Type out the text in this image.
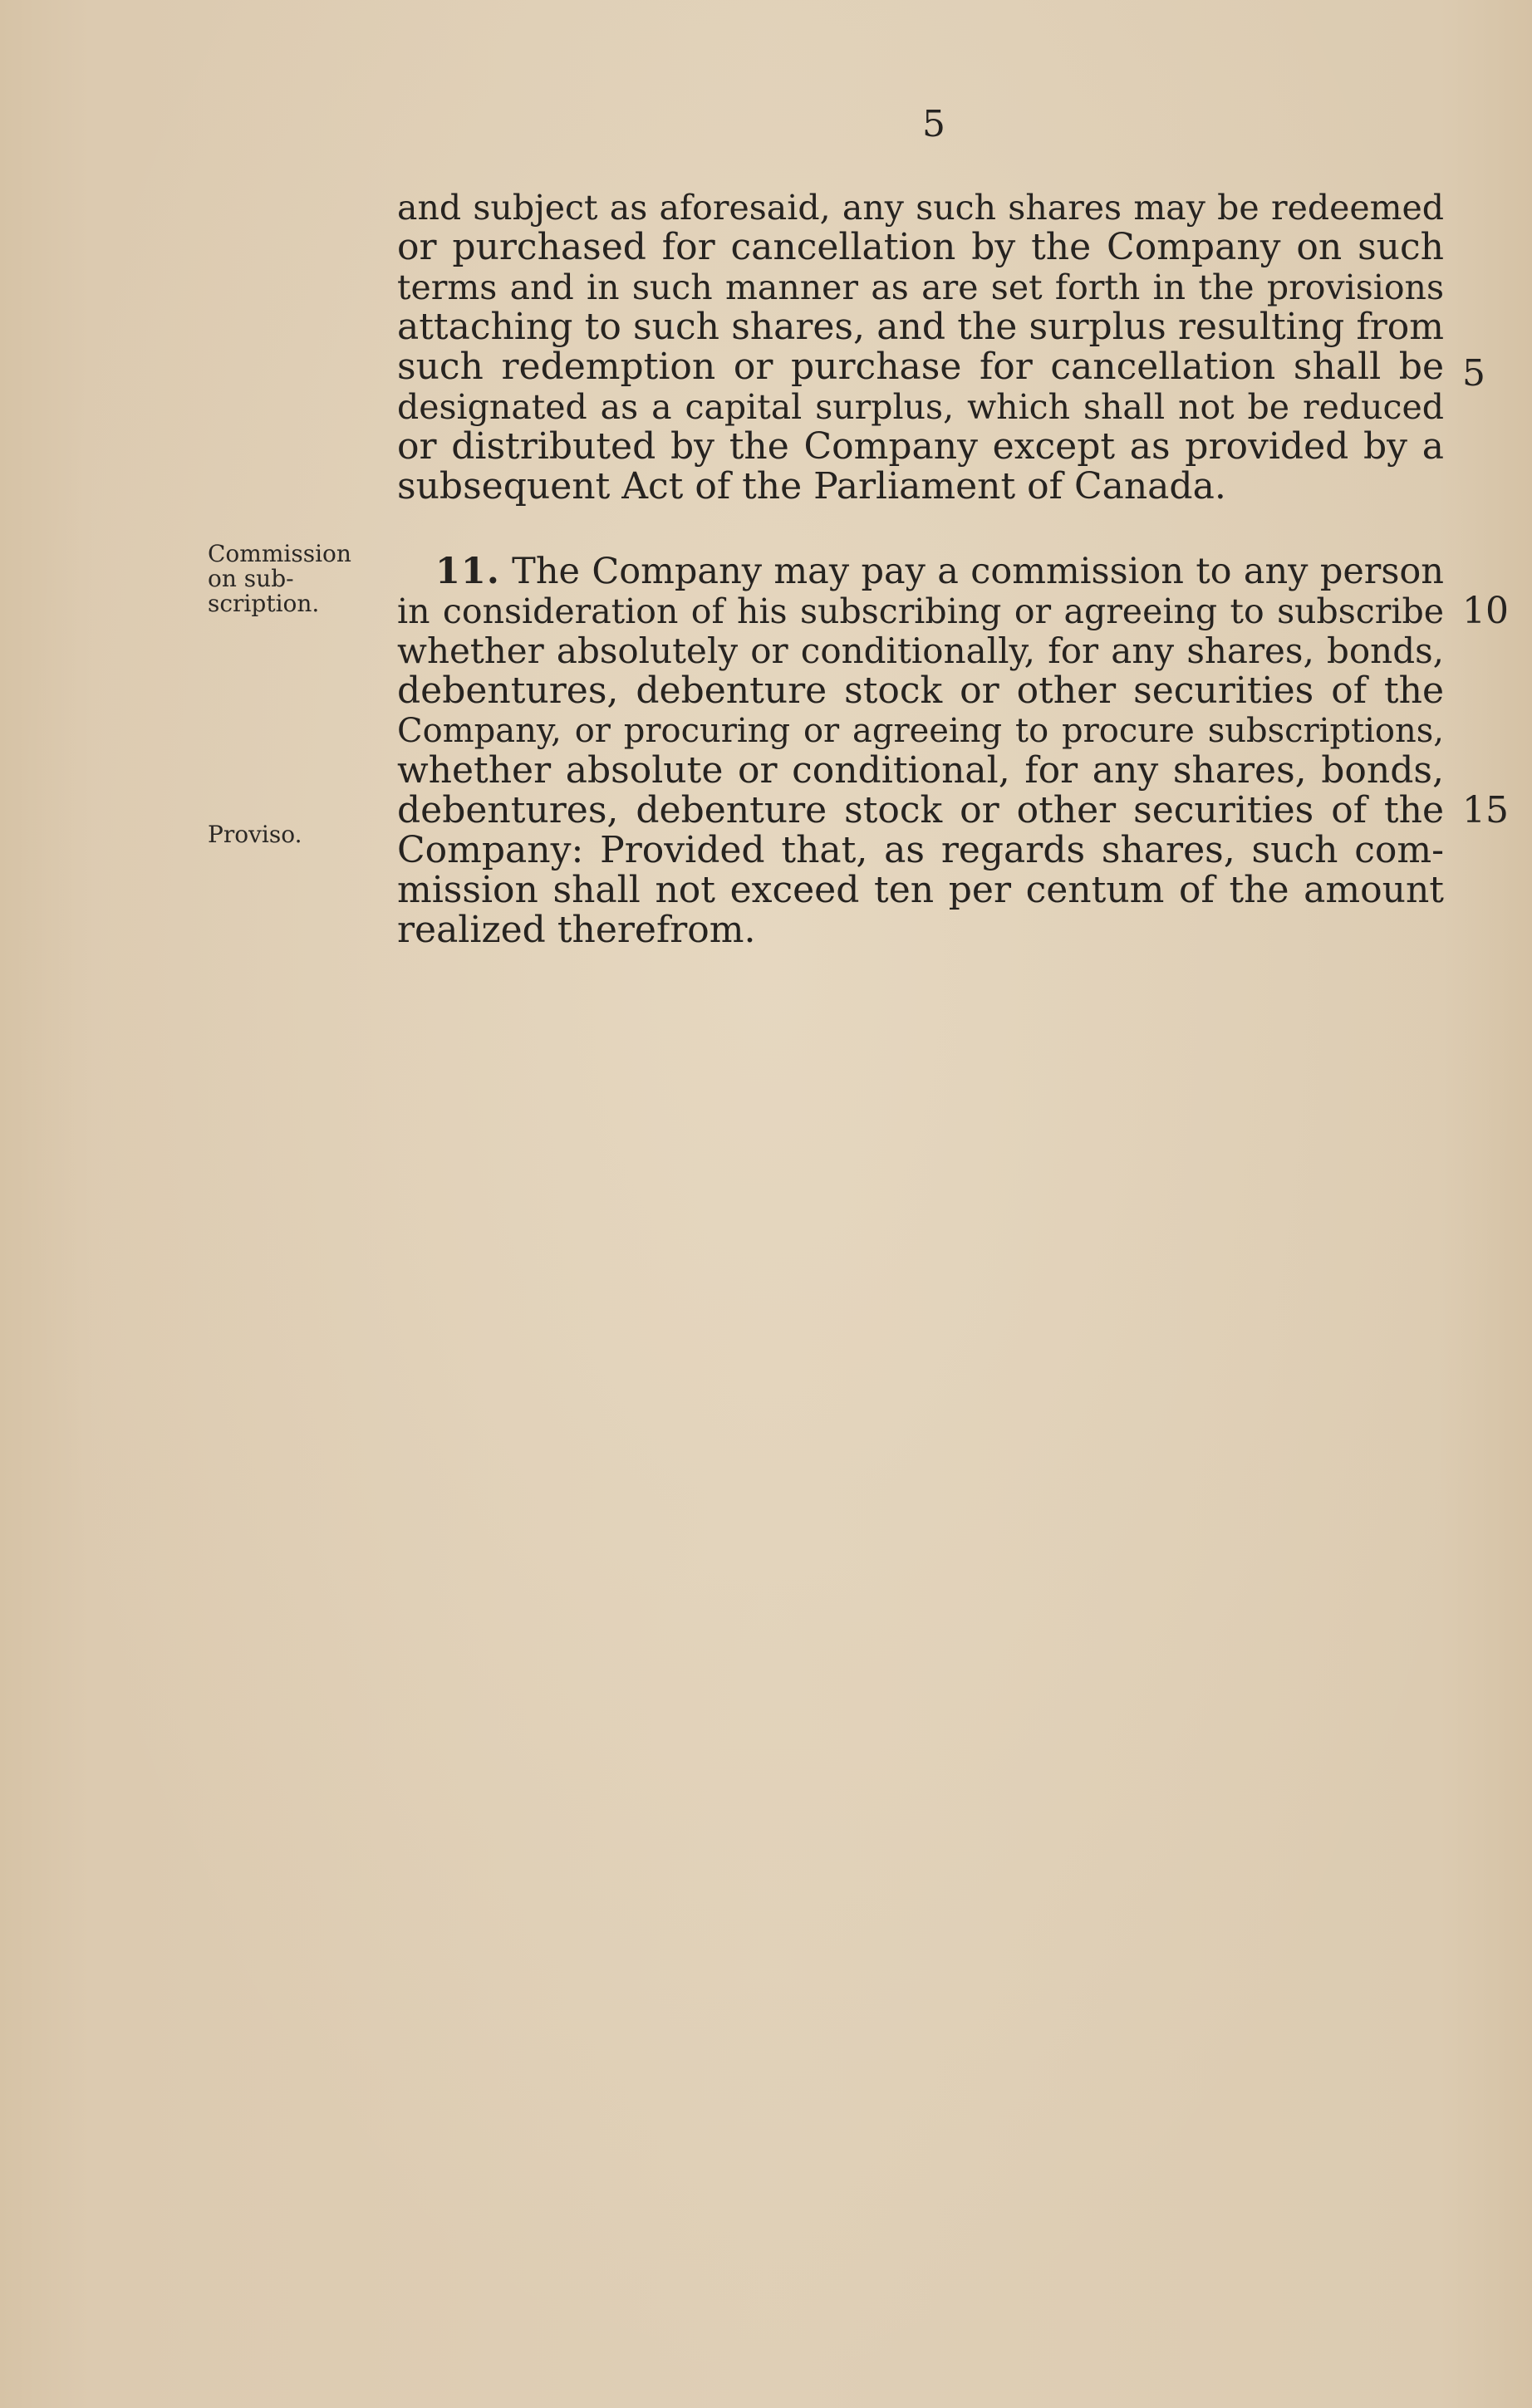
5
and subject as aforesaid, any such shares may be redeemed
or purchased for cancellation by the Company on such
terms and in such manner as are set forth in the provisions
attaching to such shares, and the surplus resulting from
such redemption or purchase for cancellation shall be
designated as a capital surplus, which shall not be reduced
or distributed by the Company except as provided by a
subsequent Act of the Parliament of Canada.
Commission
on sub-
scription.
Proviso.
11. The Company may pay a commission to any person
in consideration of his subscribing or agreeing to subscribe
whether absolutely or conditionally, for any shares, bonds,
debentures, debenture stock or other securities of the
Company, or procuring or agreeing to procure subscriptions,
whether absolute or conditional, for any shares, bonds,
debentures, debenture stock or other securities of the
Company: Provided that, as regards shares, such com-
mission shall not exceed ten per centum of the amount
realized therefrom.
5
10
15
